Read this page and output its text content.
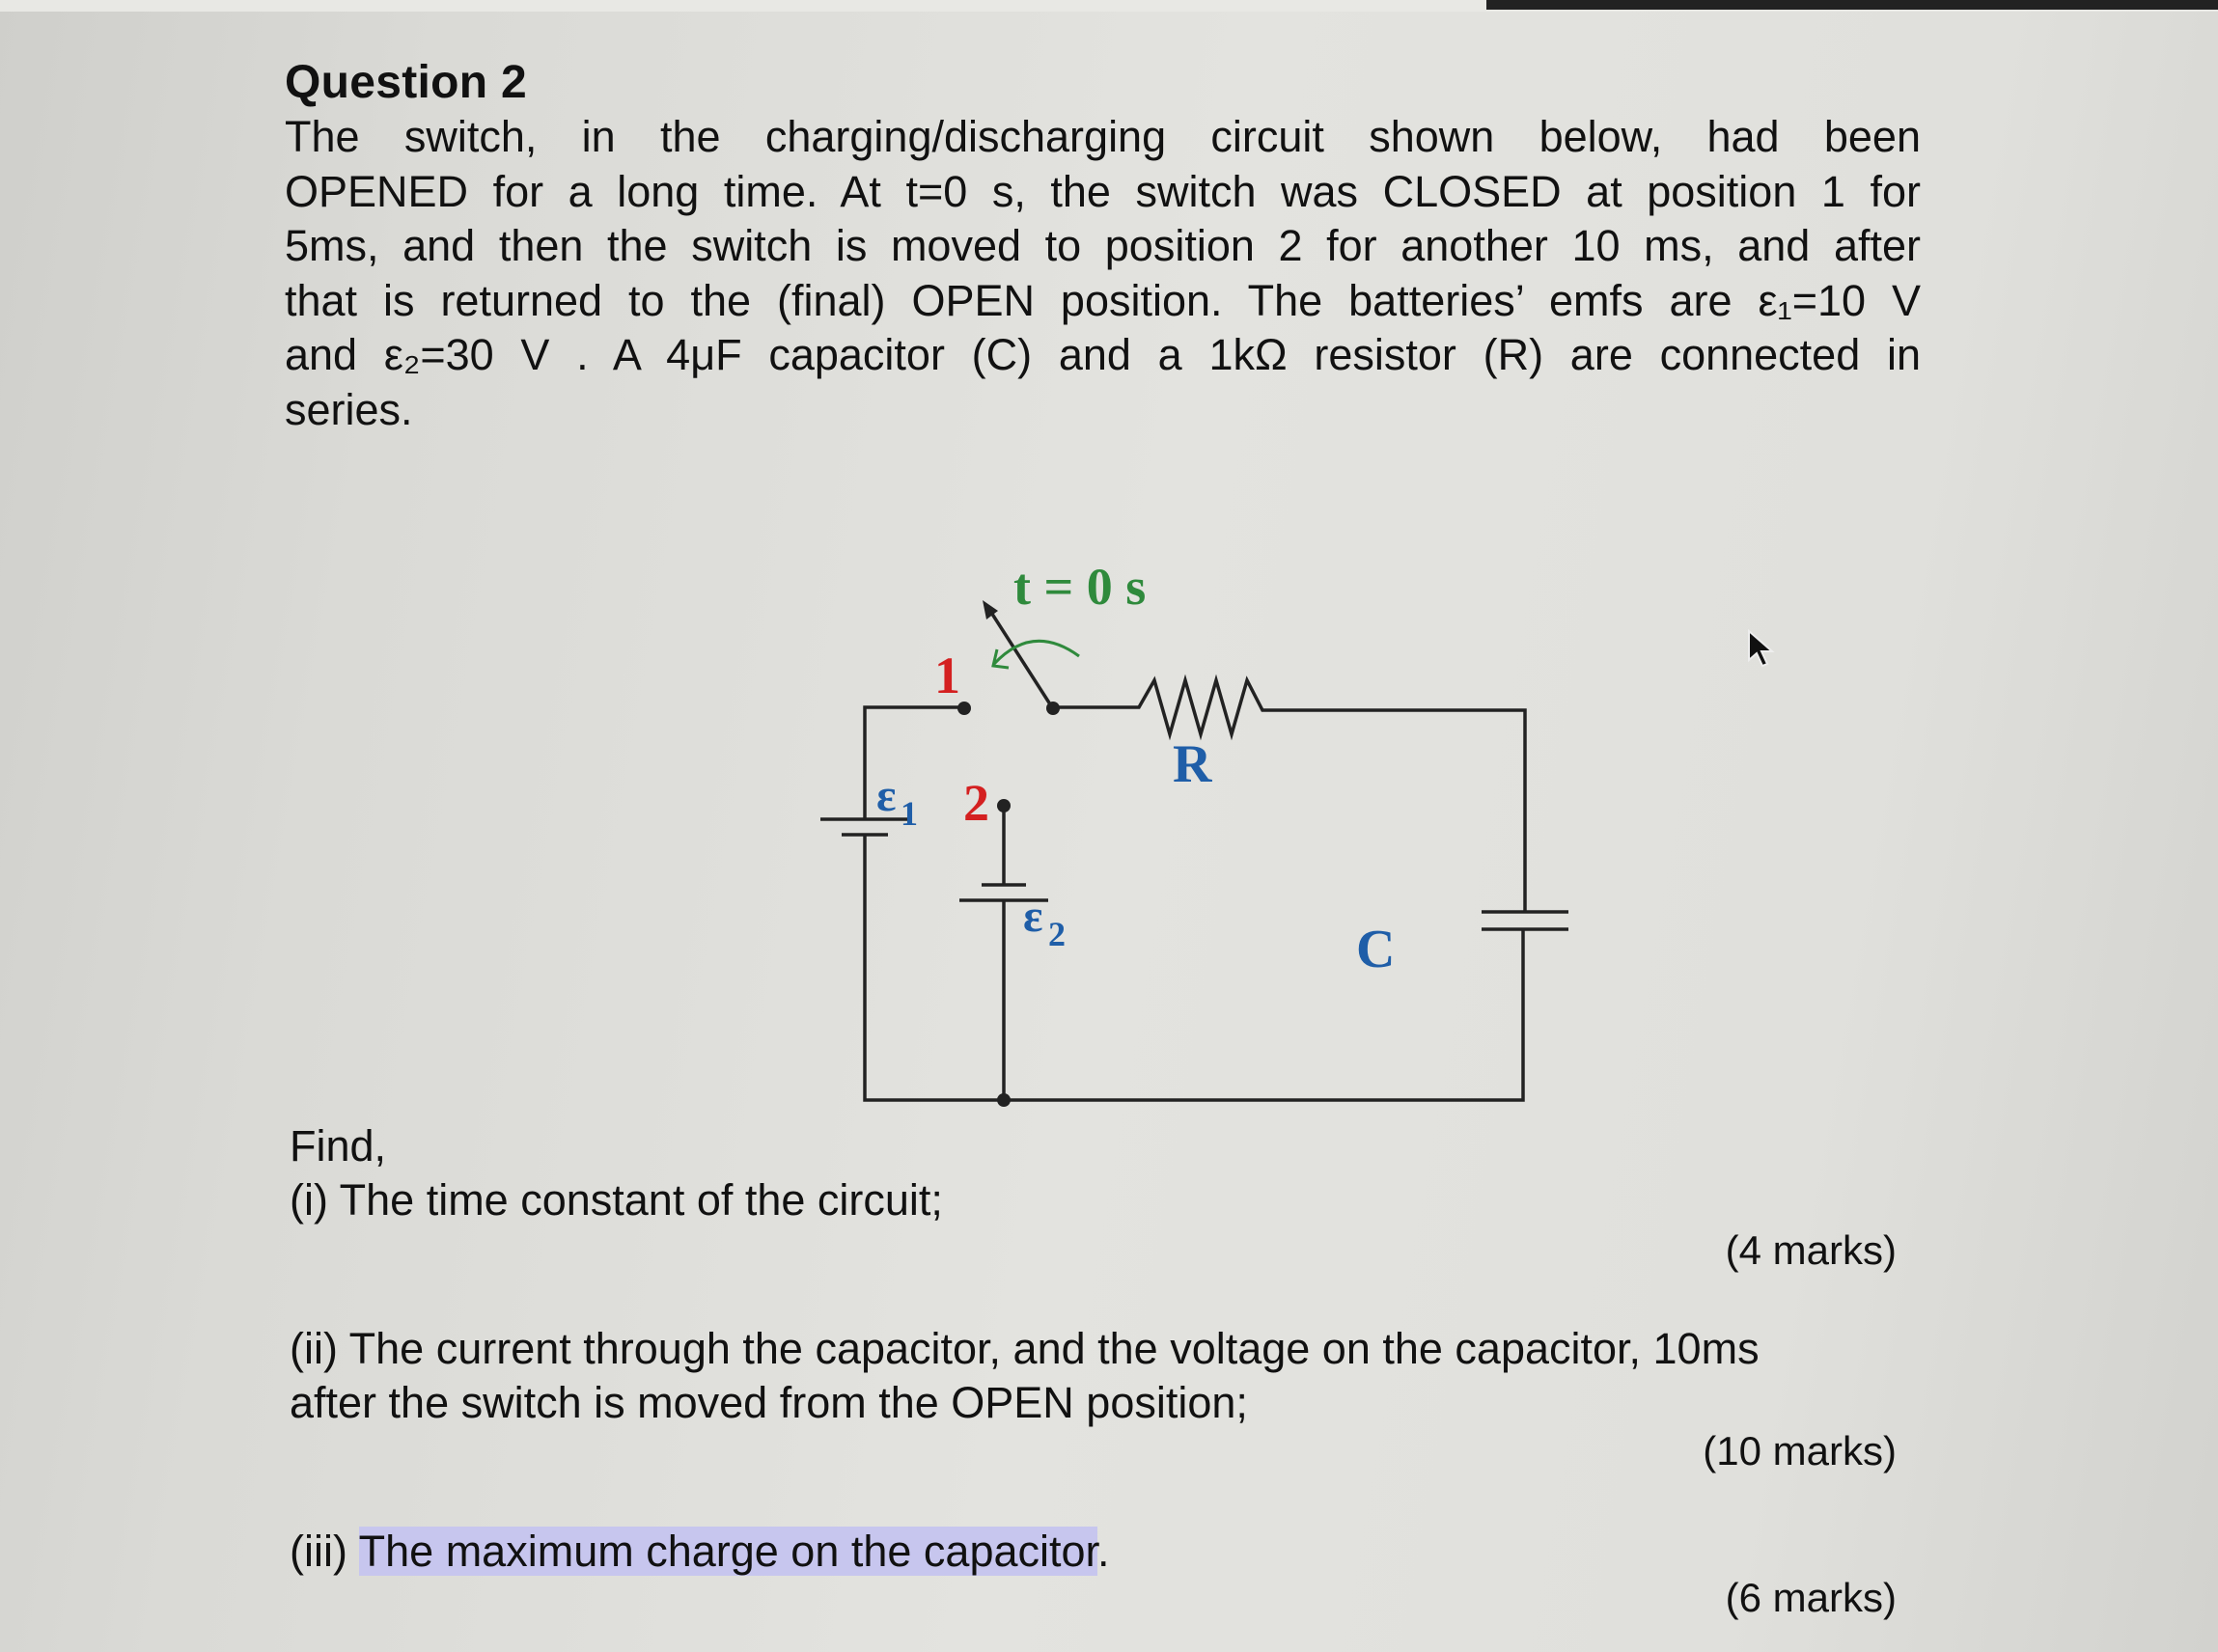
Question 2
The switch, in the charging/discharging circuit shown below, had been
OPENED for a long time. At t=0 s, the switch was CLOSED at position 1 for
5ms, and then the switch is moved to position 2 for another 10 ms, and after
that is returned to the (final) OPEN position. The batteries’ emfs are ε₁=10 V
and ε₂=30 V . A 4μF capacitor (C) and a 1kΩ resistor (R) are connected in
series.
t = 0 s
1
2
ε 1
ε 2
R
C
Find,
(i) The time constant of the circuit;
(4 marks)
(ii) The current through the capacitor, and the voltage on the capacitor, 10ms
after the switch is moved from the OPEN position;
(10 marks)
(iii) The maximum charge on the capacitor.
(6 marks)
